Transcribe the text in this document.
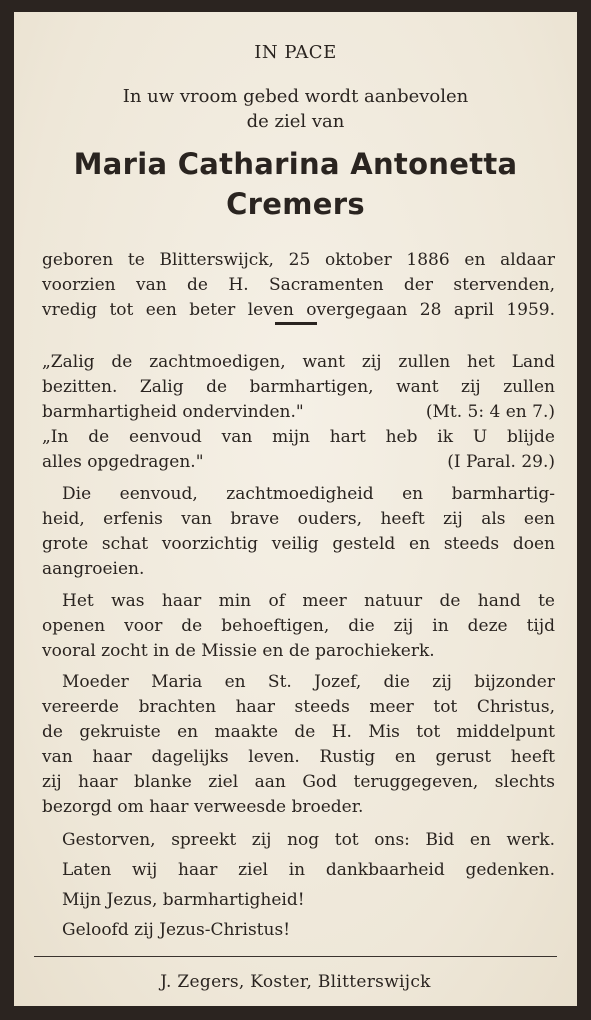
IN PACE
In uw vroom gebed wordt aanbevolen
de ziel van
Maria Catharina Antonetta
Cremers
geboren te Blitterswijck, 25 oktober 1886 en aldaar
voorzien van de H. Sacramenten der stervenden,
vredig tot een beter leven overgegaan 28 april 1959.
„Zalig de zachtmoedigen, want zij zullen het Land
bezitten. Zalig de barmhartigen, want zij zullen
barmhartigheid ondervinden."	(Mt. 5: 4 en 7.)
„In de eenvoud van mijn hart heb ik U blijde
alles opgedragen."	(I Paral. 29.)
Die eenvoud, zachtmoedigheid en barmhartig-
heid, erfenis van brave ouders, heeft zij als een
grote schat voorzichtig veilig gesteld en steeds doen
aangroeien.
Het was haar min of meer natuur de hand te
openen voor de behoeftigen, die zij in deze tijd
vooral zocht in de Missie en de parochiekerk.
Moeder Maria en St. Jozef, die zij bijzonder
vereerde brachten haar steeds meer tot Christus,
de gekruiste en maakte de H. Mis tot middelpunt
van haar dagelijks leven. Rustig en gerust heeft
zij haar blanke ziel aan God teruggegeven, slechts
bezorgd om haar verweesde broeder.
Gestorven, spreekt zij nog tot ons: Bid en werk.
Laten wij haar ziel in dankbaarheid gedenken.
Mijn Jezus, barmhartigheid!
Geloofd zij Jezus-Christus!
J. Zegers, Koster, Blitterswijck
